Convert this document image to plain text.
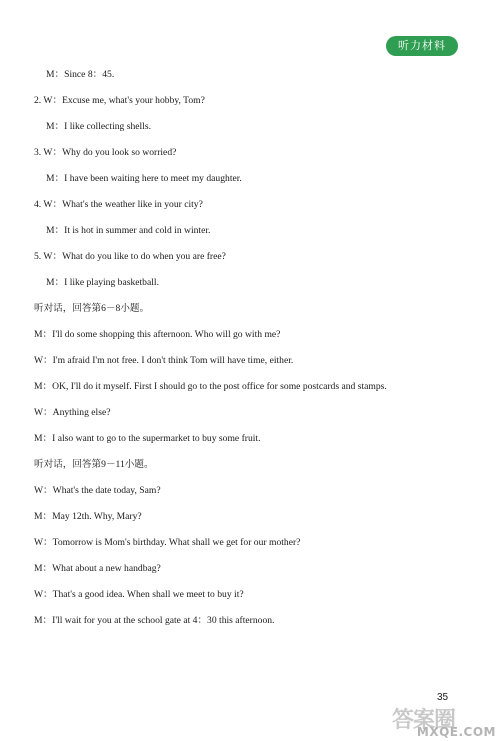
听力材料
M：Since 8：45.
2. W：Excuse me, what's your hobby, Tom?
M：I like collecting shells.
3. W：Why do you look so worried?
M：I have been waiting here to meet my daughter.
4. W：What's the weather like in your city?
M：It is hot in summer and cold in winter.
5. W：What do you like to do when you are free?
M：I like playing basketball.
听对话，回答第6－8小题。
M：I'll do some shopping this afternoon. Who will go with me?
W：I'm afraid I'm not free. I don't think Tom will have time, either.
M：OK, I'll do it myself. First I should go to the post office for some postcards and stamps.
W：Anything else?
M：I also want to go to the supermarket to buy some fruit.
听对话，回答第9－11小题。
W：What's the date today, Sam?
M：May 12th. Why, Mary?
W：Tomorrow is Mom's birthday. What shall we get for our mother?
M：What about a new handbag?
W：That's a good idea. When shall we meet to buy it?
M：I'll wait for you at the school gate at 4：30 this afternoon.
35
答案圈
MXQE.COM
